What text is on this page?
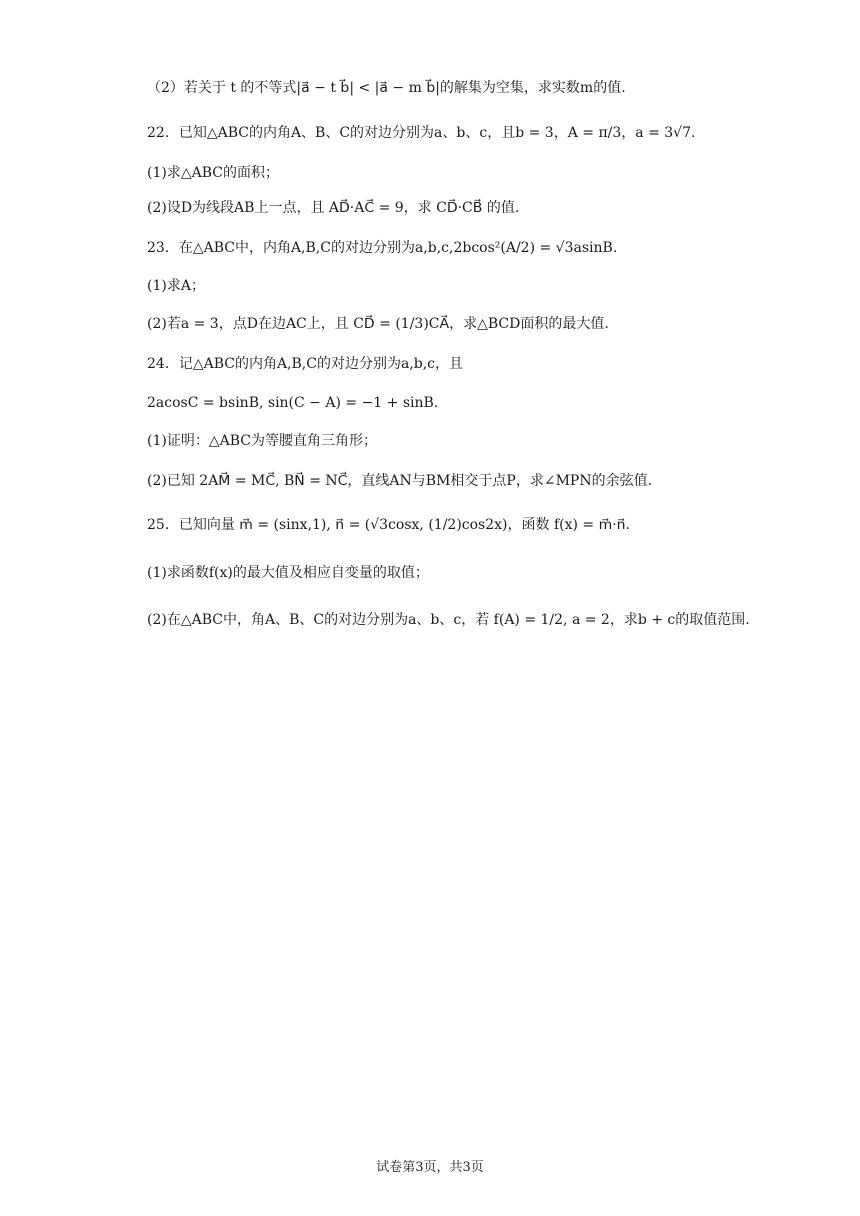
（2）若关于 t 的不等式|a⃗ − t b⃗| < |a⃗ − m b⃗|的解集为空集，求实数m的值.
22．已知△ABC的内角A、B、C的对边分别为a、b、c，且b = 3，A = π/3，a = 3√7.
(1)求△ABC的面积；
(2)设D为线段AB上一点，且 AD⃗·AC⃗ = 9，求 CD⃗·CB⃗ 的值.
23．在△ABC中，内角A,B,C的对边分别为a,b,c,2bcos²(A/2) = √3asinB.
(1)求A；
(2)若a = 3，点D在边AC上，且 CD⃗ = (1/3)CA⃗，求△BCD面积的最大值.
24．记△ABC的内角A,B,C的对边分别为a,b,c，且
2acosC = bsinB, sin(C − A) = −1 + sinB.
(1)证明：△ABC为等腰直角三角形；
(2)已知 2AM⃗ = MC⃗, BN⃗ = NC⃗，直线AN与BM相交于点P，求∠MPN的余弦值.
25．已知向量 m⃗ = (sinx,1), n⃗ = (√3cosx, (1/2)cos2x)，函数 f(x) = m⃗·n⃗.
(1)求函数f(x)的最大值及相应自变量的取值；
(2)在△ABC中，角A、B、C的对边分别为a、b、c，若 f(A) = 1/2, a = 2，求b + c的取值范围.
试卷第3页，共3页
